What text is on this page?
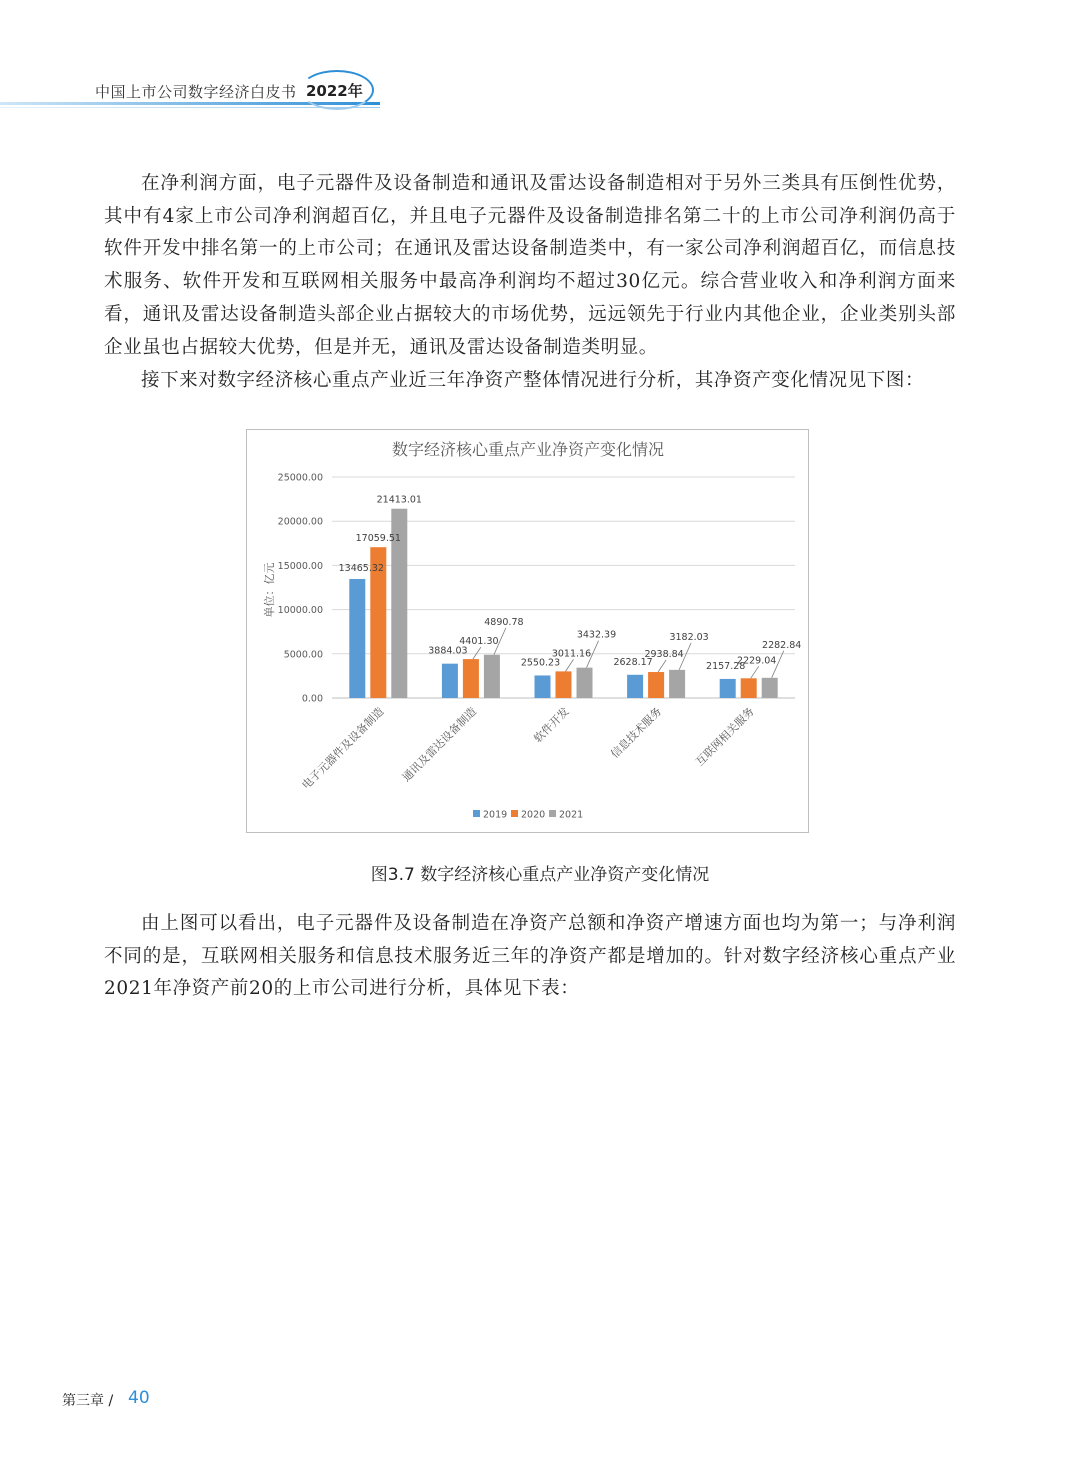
中国上市公司数字经济白皮书 2022年

在净利润方面，电子元器件及设备制造和通讯及雷达设备制造相对于另外三类具有压倒性优势，其中有4家上市公司净利润超百亿，并且电子元器件及设备制造排名第二十的上市公司净利润仍高于软件开发中排名第一的上市公司；在通讯及雷达设备制造类中，有一家公司净利润超百亿，而信息技术服务、软件开发和互联网相关服务中最高净利润均不超过30亿元。综合营业收入和净利润方面来看，通讯及雷达设备制造头部企业占据较大的市场优势，远远领先于行业内其他企业，企业类别头部企业虽也占据较大优势，但是并无，通讯及雷达设备制造类明显。

接下来对数字经济核心重点产业近三年净资产整体情况进行分析，其净资产变化情况见下图：

数字经济核心重点产业净资产变化情况
0.00
5000.00
10000.00
15000.00
20000.00
25000.00
单位：亿元	13465.32
17059.51
21413.01
电子元器件及设备制造
3884.03
4401.30
4890.78
通讯及雷达设备制造
2550.23
3011.16
3432.39
软件开发
2628.17
2938.84
3182.03
信息技术服务
2157.28
2229.04
2282.84
互联网相关服务
2019 2020 2021
图3.7 数字经济核心重点产业净资产变化情况

由上图可以看出，电子元器件及设备制造在净资产总额和净资产增速方面也均为第一；与净利润不同的是，互联网相关服务和信息技术服务近三年的净资产都是增加的。针对数字经济核心重点产业2021年净资产前20的上市公司进行分析，具体见下表：

第三章 / 40
